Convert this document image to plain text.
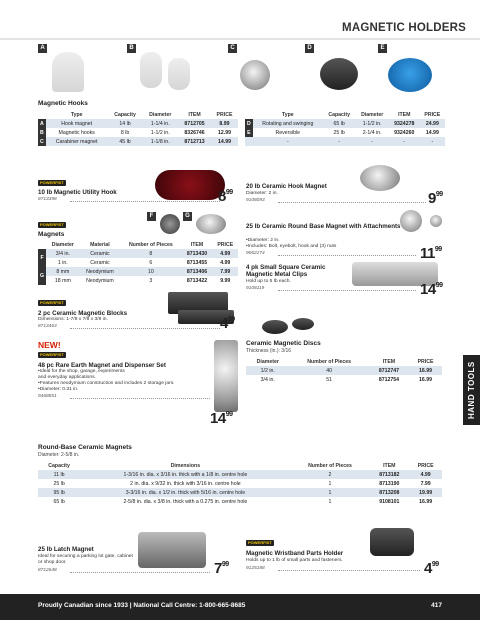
MAGNETIC HOLDERS
A	B	C	D	E
Magnetic Hooks
	Type	Capacity	Diameter	ITEM	PRICE
A	Hook magnet	14 lb	1-1/4 in.	8712705	8.99
B	Magnetic hooks	8 lb	1-1/2 in.	8326746	12.99
C	Carabiner magnet	45 lb	1-1/8 in.	8712713	14.99
	Type	Capacity	Diameter	ITEM	PRICE
D	Rotating and swinging	65 lb	1-1/2 in.	9324278	24.99
E	Reversible	25 lb	2-1/4 in.	9324260	14.99
	-	-	-	-	-
POWERFIST
10 lb Magnetic Utility Hook
8713398	$8^{99}$
POWERFIST
F	G
Magnets
	Diameter	Material	Number of Pieces	ITEM	PRICE
F	3/4 in.	Ceramic	8	8713430	4.99
	1 in.	Ceramic	6	8713455	4.99
G	8 mm	Neodymium	10	8713406	7.99
	18 mm	Neodymium	3	8713422	9.99
20 lb Ceramic Hook Magnet
Diameter: 2 in.
9108093	$9^{99}$
25 lb Ceramic Round Base Magnet with Attachments
•Diameter: 2 in.
•Includes: Bolt, eyebolt, hook and (3) nuts
9062274	$11^{99}$
4 pk Small Square Ceramic Magnetic Metal Clips
Hold up to 5 lb each.
9108119	$14^{99}$
POWERFIST
2 pc Ceramic Magnetic Blocks
Dimensions: 1-7/8 x 7/8 x 3/8 in.
8713463	$4^{99}$
NEW!
POWERFIST
48 pc Rare Earth Magnet and Dispenser Set
•Ideal for the shop, garage, experiments
and everyday applications.
•Features neodymium construction and includes 2 storage jars.
•Diameter: 0.31 in.
9468851
$14^{99}$
Ceramic Magnetic Discs
Thickness (in.): 3/16
Diameter	Number of Pieces	ITEM	PRICE
1/2 in.	40	8712747	16.99
3/4 in.	51	8712754	16.99	HAND TOOLS
Round-Base Ceramic Magnets
Diameter: 2-5/8 in.
Capacity	Dimensions	Number of Pieces	ITEM	PRICE
11 lb	1-3/16 in. dia. x 3/16 in. thick with a 1/8 in. centre hole	2	8713182	4.99
25 lb	2 in. dia. x 9/32 in. thick with 3/16 in. centre hole	1	8713190	7.99
95 lb	3-3/16 in. dia. x 1/2 in. thick with 5/16 in. centre hole	1	8713208	19.99
65 lb	2-5/8 in. dia. x 3/8 in. thick with a 0.275 in. centre hole	1	9108101	16.99
25 lb Latch Magnet
Ideal for securing a parking lot gate, cabinet or shop door.
8712648	$7^{99}$
POWERFIST
Magnetic Wristband Parts Holder
Holds up to 1 lb of small parts and fasteners.
9125188	$4^{99}$
Proudly Canadian since 1933 | National Call Centre: 1-800-665-8685	417
